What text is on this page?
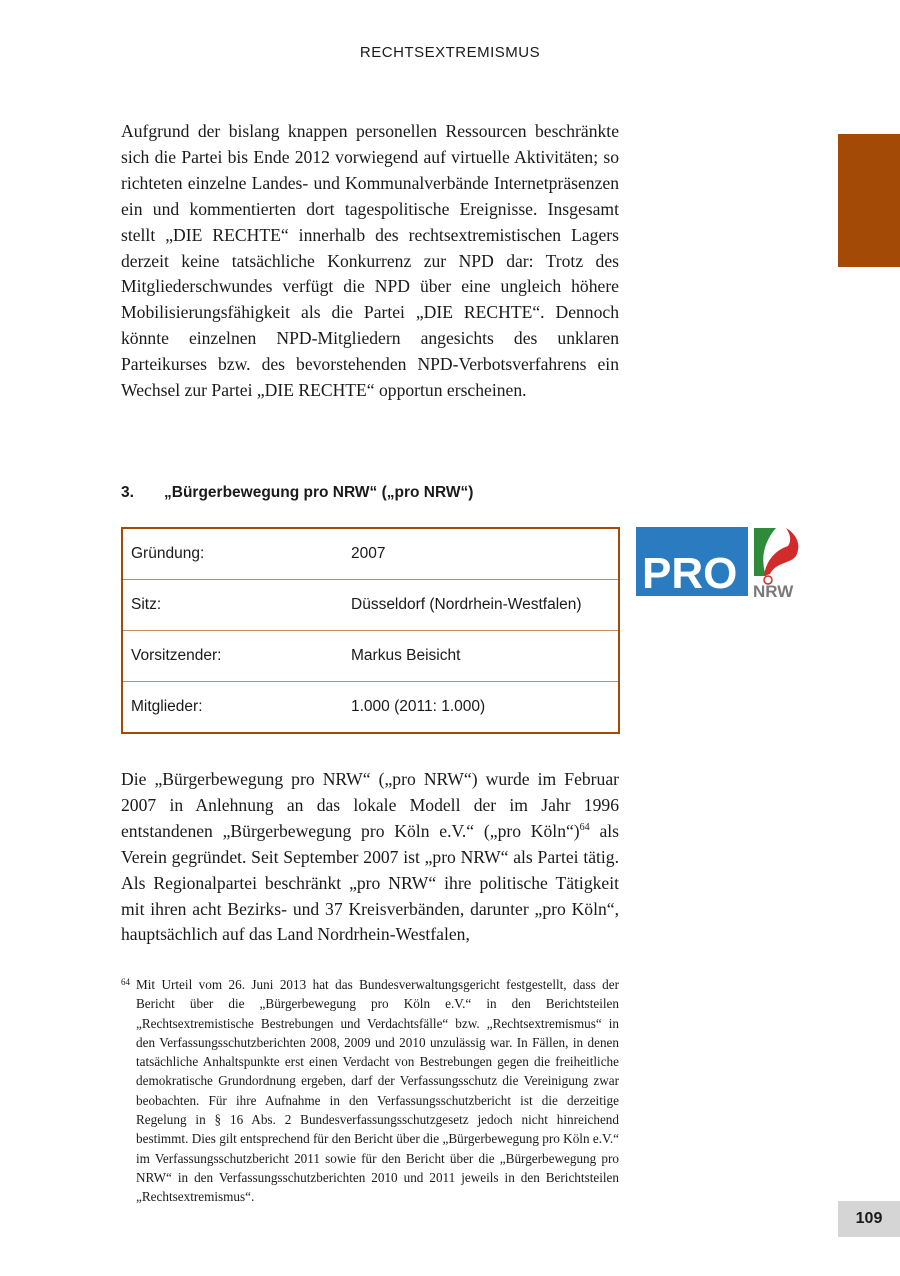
RECHTSEXTREMISMUS

Aufgrund der bislang knappen personellen Ressourcen beschränkte sich die Partei bis Ende 2012 vorwiegend auf virtuelle Aktivitäten; so richteten einzelne Landes- und Kommunalverbände Internetpräsenzen ein und kommentierten dort tagespolitische Ereignisse. Insgesamt stellt „DIE RECHTE“ innerhalb des rechtsextremistischen Lagers derzeit keine tatsächliche Konkurrenz zur NPD dar: Trotz des Mitgliederschwundes verfügt die NPD über eine ungleich höhere Mobilisierungsfähigkeit als die Partei „DIE RECHTE“. Dennoch könnte einzelnen NPD-Mitgliedern angesichts des unklaren Parteikurses bzw. des bevorstehenden NPD-Verbotsverfahrens ein Wechsel zur Partei „DIE RECHTE“ opportun erscheinen.

3. „Bürgerbewegung pro NRW“ („pro NRW“)
Gründung:	2007
Sitz:	Düsseldorf (Nordrhein-Westfalen)
Vorsitzender:	Markus Beisicht
Mitglieder:	1.000 (2011: 1.000)
PRO NRW

Die „Bürgerbewegung pro NRW“ („pro NRW“) wurde im Februar 2007 in Anlehnung an das lokale Modell der im Jahr 1996 entstandenen „Bürgerbewegung pro Köln e.V.“ („pro Köln“)$^{64}$ als Verein gegründet. Seit September 2007 ist „pro NRW“ als Partei tätig. Als Regionalpartei beschränkt „pro NRW“ ihre politische Tätigkeit mit ihren acht Bezirks- und 37 Kreisverbänden, darunter „pro Köln“, hauptsächlich auf das Land Nordrhein-Westfalen,

64 Mit Urteil vom 26. Juni 2013 hat das Bundesverwaltungsgericht festgestellt, dass der Bericht über die „Bürgerbewegung pro Köln e.V.“ in den Berichtsteilen „Rechtsextremistische Bestrebungen und Verdachtsfälle“ bzw. „Rechtsextremismus“ in den Verfassungsschutzberichten 2008, 2009 und 2010 unzulässig war. In Fällen, in denen tatsächliche Anhaltspunkte erst einen Verdacht von Bestrebungen gegen die freiheitliche demokratische Grundordnung ergeben, darf der Verfassungsschutz die Vereinigung zwar beobachten. Für ihre Aufnahme in den Verfassungsschutzbericht ist die derzeitige Regelung in § 16 Abs. 2 Bundesverfassungsschutzgesetz jedoch nicht hinreichend bestimmt. Dies gilt entsprechend für den Bericht über die „Bürgerbewegung pro Köln e.V.“ im Verfassungsschutzbericht 2011 sowie für den Bericht über die „Bürgerbewegung pro NRW“ in den Verfassungsschutzberichten 2010 und 2011 jeweils in den Berichtsteilen „Rechtsextremismus“.
109
